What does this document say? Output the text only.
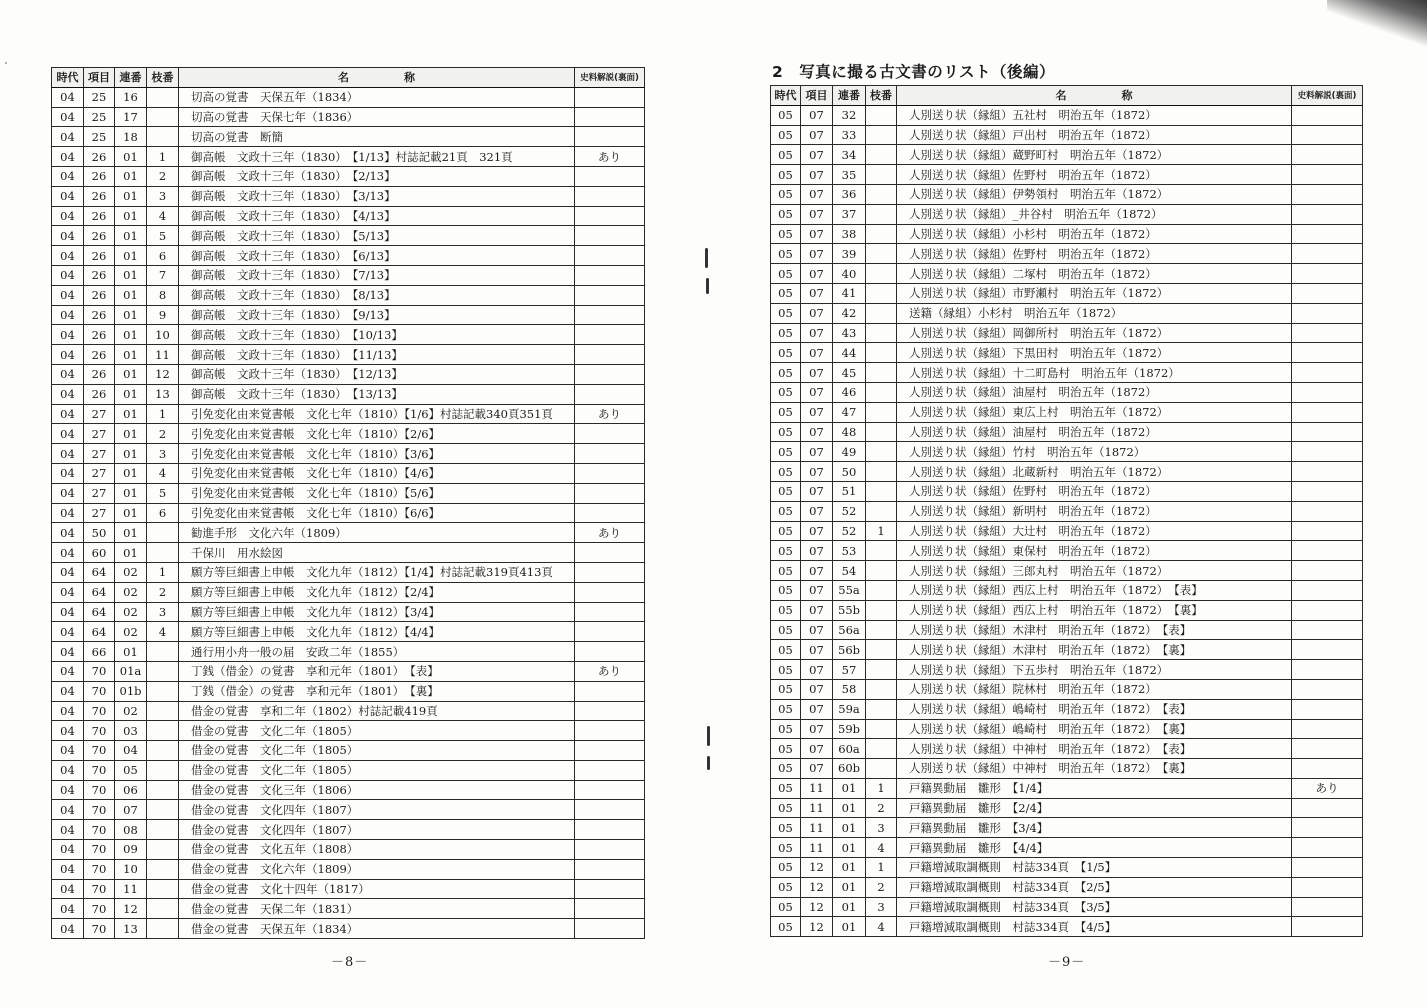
時代	項目	連番	枝番	名　　　　　称	史料解説(裏面)
04	25	16		切高の覚書　天保五年（1834）	
04	25	17		切高の覚書　天保七年（1836）	
04	25	18		切高の覚書　断簡	
04	26	01	1	御高帳　文政十三年（1830）　【1/13】村誌記載21頁　321頁	あり
04	26	01	2	御高帳　文政十三年（1830）　【2/13】	
04	26	01	3	御高帳　文政十三年（1830）　【3/13】	
04	26	01	4	御高帳　文政十三年（1830）　【4/13】	
04	26	01	5	御高帳　文政十三年（1830）　【5/13】	
04	26	01	6	御高帳　文政十三年（1830）　【6/13】	
04	26	01	7	御高帳　文政十三年（1830）　【7/13】	
04	26	01	8	御高帳　文政十三年（1830）　【8/13】	
04	26	01	9	御高帳　文政十三年（1830）　【9/13】	
04	26	01	10	御高帳　文政十三年（1830）　【10/13】	
04	26	01	11	御高帳　文政十三年（1830）　【11/13】	
04	26	01	12	御高帳　文政十三年（1830）　【12/13】	
04	26	01	13	御高帳　文政十三年（1830）　【13/13】	
04	27	01	1	引免変化由来覚書帳　文化七年（1810）【1/6】村誌記載340頁351頁	あり
04	27	01	2	引免変化由来覚書帳　文化七年（1810）【2/6】	
04	27	01	3	引免変化由来覚書帳　文化七年（1810）【3/6】	
04	27	01	4	引免変化由来覚書帳　文化七年（1810）【4/6】	
04	27	01	5	引免変化由来覚書帳　文化七年（1810）【5/6】	
04	27	01	6	引免変化由来覚書帳　文化七年（1810）【6/6】	
04	50	01		勧進手形　文化六年（1809）	あり
04	60	01		千保川　用水絵図	
04	64	02	1	願方等巨細書上申帳　文化九年（1812）【1/4】村誌記載319頁413頁	
04	64	02	2	願方等巨細書上申帳　文化九年（1812）【2/4】	
04	64	02	3	願方等巨細書上申帳　文化九年（1812）【3/4】	
04	64	02	4	願方等巨細書上申帳　文化九年（1812）【4/4】	
04	66	01		通行用小舟一般の届　安政二年（1855）	
04	70	01a		丁銭（借金）の覚書　享和元年（1801）　【表】	あり
04	70	01b		丁銭（借金）の覚書　享和元年（1801）　【裏】	
04	70	02		借金の覚書　享和二年（1802）村誌記載419頁	
04	70	03		借金の覚書　文化二年（1805）	
04	70	04		借金の覚書　文化二年（1805）	
04	70	05		借金の覚書　文化二年（1805）	
04	70	06		借金の覚書　文化三年（1806）	
04	70	07		借金の覚書　文化四年（1807）	
04	70	08		借金の覚書　文化四年（1807）	
04	70	09		借金の覚書　文化五年（1808）	
04	70	10		借金の覚書　文化六年（1809）	
04	70	11		借金の覚書　文化十四年（1817）	
04	70	12		借金の覚書　天保二年（1831）	
04	70	13		借金の覚書　天保五年（1834）	
－8－
2　写真に撮る古文書のリスト（後編）
時代	項目	連番	枝番	名　　　　　称	史料解説(裏面)
05	07	32		人別送り状（縁組）五社村　明治五年（1872）	
05	07	33		人別送り状（縁組）戸出村　明治五年（1872）	
05	07	34		人別送り状（縁組）蔵野町村　明治五年（1872）	
05	07	35		人別送り状（縁組）佐野村　明治五年（1872）	
05	07	36		人別送り状（縁組）伊勢領村　明治五年（1872）	
05	07	37		人別送り状（縁組）_井谷村　明治五年（1872）	
05	07	38		人別送り状（縁組）小杉村　明治五年（1872）	
05	07	39		人別送り状（縁組）佐野村　明治五年（1872）	
05	07	40		人別送り状（縁組）二塚村　明治五年（1872）	
05	07	41		人別送り状（縁組）市野瀬村　明治五年（1872）	
05	07	42		送籍（縁組）小杉村　明治五年（1872）	
05	07	43		人別送り状（縁組）岡御所村　明治五年（1872）	
05	07	44		人別送り状（縁組）下黒田村　明治五年（1872）	
05	07	45		人別送り状（縁組）十二町島村　明治五年（1872）	
05	07	46		人別送り状（縁組）油屋村　明治五年（1872）	
05	07	47		人別送り状（縁組）東広上村　明治五年（1872）	
05	07	48		人別送り状（縁組）油屋村　明治五年（1872）	
05	07	49		人別送り状（縁組）竹村　明治五年（1872）	
05	07	50		人別送り状（縁組）北蔵新村　明治五年（1872）	
05	07	51		人別送り状（縁組）佐野村　明治五年（1872）	
05	07	52		人別送り状（縁組）新明村　明治五年（1872）	
05	07	52	1	人別送り状（縁組）大辻村　明治五年（1872）	
05	07	53		人別送り状（縁組）東保村　明治五年（1872）	
05	07	54		人別送り状（縁組）三郎丸村　明治五年（1872）	
05	07	55a		人別送り状（縁組）西広上村　明治五年（1872）　【表】	
05	07	55b		人別送り状（縁組）西広上村　明治五年（1872）　【裏】	
05	07	56a		人別送り状（縁組）木津村　明治五年（1872）　【表】	
05	07	56b		人別送り状（縁組）木津村　明治五年（1872）　【裏】	
05	07	57		人別送り状（縁組）下五歩村　明治五年（1872）	
05	07	58		人別送り状（縁組）院林村　明治五年（1872）	
05	07	59a		人別送り状（縁組）嶋崎村　明治五年（1872）　【表】	
05	07	59b		人別送り状（縁組）嶋崎村　明治五年（1872）　【裏】	
05	07	60a		人別送り状（縁組）中神村　明治五年（1872）　【表】	
05	07	60b		人別送り状（縁組）中神村　明治五年（1872）　【裏】	
05	11	01	1	戸籍異動届　雛形　【1/4】	あり
05	11	01	2	戸籍異動届　雛形　【2/4】	
05	11	01	3	戸籍異動届　雛形　【3/4】	
05	11	01	4	戸籍異動届　雛形　【4/4】	
05	12	01	1	戸籍増減取調概則　村誌334頁　【1/5】	
05	12	01	2	戸籍増減取調概則　村誌334頁　【2/5】	
05	12	01	3	戸籍増減取調概則　村誌334頁　【3/5】	
05	12	01	4	戸籍増減取調概則　村誌334頁　【4/5】	
－9－
